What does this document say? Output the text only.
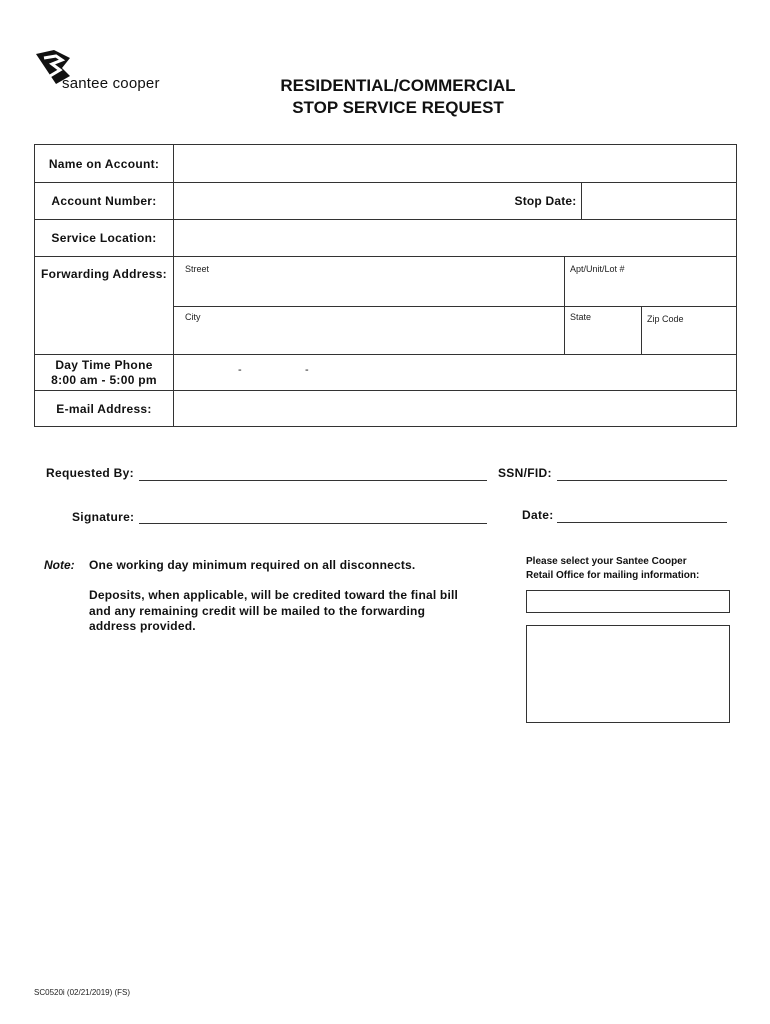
santee cooper	RESIDENTIAL/COMMERCIAL
STOP SERVICE REQUEST
Name on Account:
Account Number:	Stop Date:
Service Location:
Forwarding Address:	Street	Apt/Unit/Lot #
City	State	Zip Code
Day Time Phone
8:00 am - 5:00 pm
-	-
E-mail Address:
Requested By:	SSN/FID:
Signature:	Date:
Note: One working day minimum required on all disconnects.
Deposits, when applicable, will be credited toward the final bill and any remaining credit will be mailed to the forwarding address provided.
Please select your Santee Cooper
Retail Office for mailing information:
SC0520i (02/21/2019) (FS)
